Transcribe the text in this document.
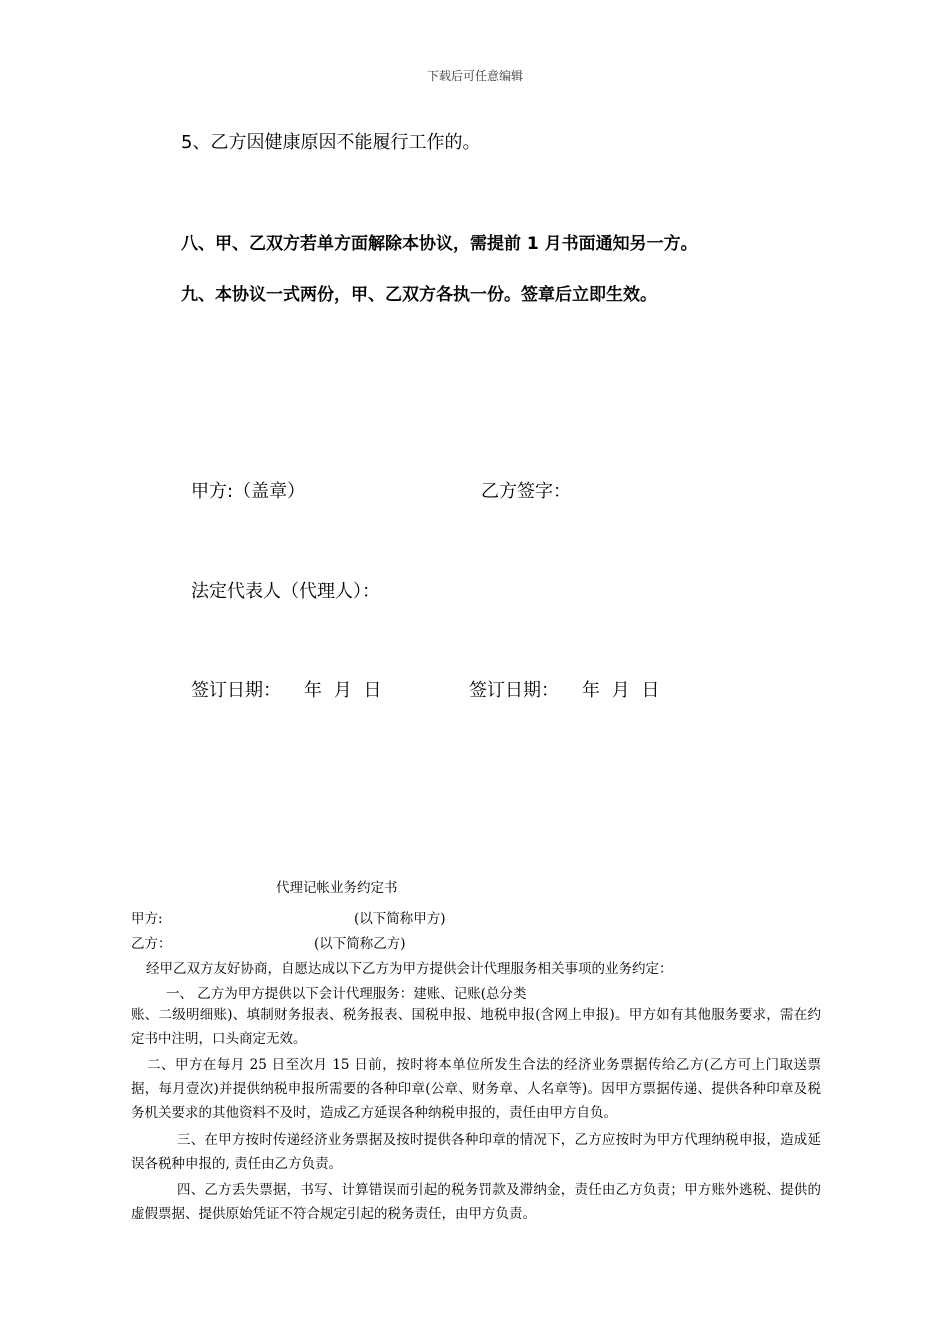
下载后可任意编辑
5、乙方因健康原因不能履行工作的。
八、甲、乙双方若单方面解除本协议，需提前 1 月书面通知另一方。
九、本协议一式两份，甲、乙双方各执一份。签章后立即生效。
甲方:（盖章）	乙方签字：
法定代表人（代理人）：
签订日期： 年 月 日	签订日期： 年 月 日
代理记帐业务约定书
甲方:	(以下简称甲方)
乙方：	(以下简称乙方)
经甲乙双方友好协商，自愿达成以下乙方为甲方提供会计代理服务相关事项的业务约定：
一、 乙方为甲方提供以下会计代理服务：建账、记账(总分类
账、二级明细账)、填制财务报表、税务报表、国税申报、地税申报(含网上申报)。甲方如有其他服务要求，需在约定书中注明，口头商定无效。
二、甲方在每月 25 日至次月 15 日前，按时将本单位所发生合法的经济业务票据传给乙方(乙方可上门取送票据，每月壹次)并提供纳税申报所需要的各种印章(公章、财务章、人名章等)。因甲方票据传递、提供各种印章及税务机关要求的其他资料不及时，造成乙方延误各种纳税申报的，责任由甲方自负。
三、在甲方按时传递经济业务票据及按时提供各种印章的情况下，乙方应按时为甲方代理纳税申报，造成延误各税种申报的, 责任由乙方负责。
四、乙方丢失票据，书写、计算错误而引起的税务罚款及滞纳金，责任由乙方负责；甲方账外逃税、提供的虚假票据、提供原始凭证不符合规定引起的税务责任，由甲方负责。
